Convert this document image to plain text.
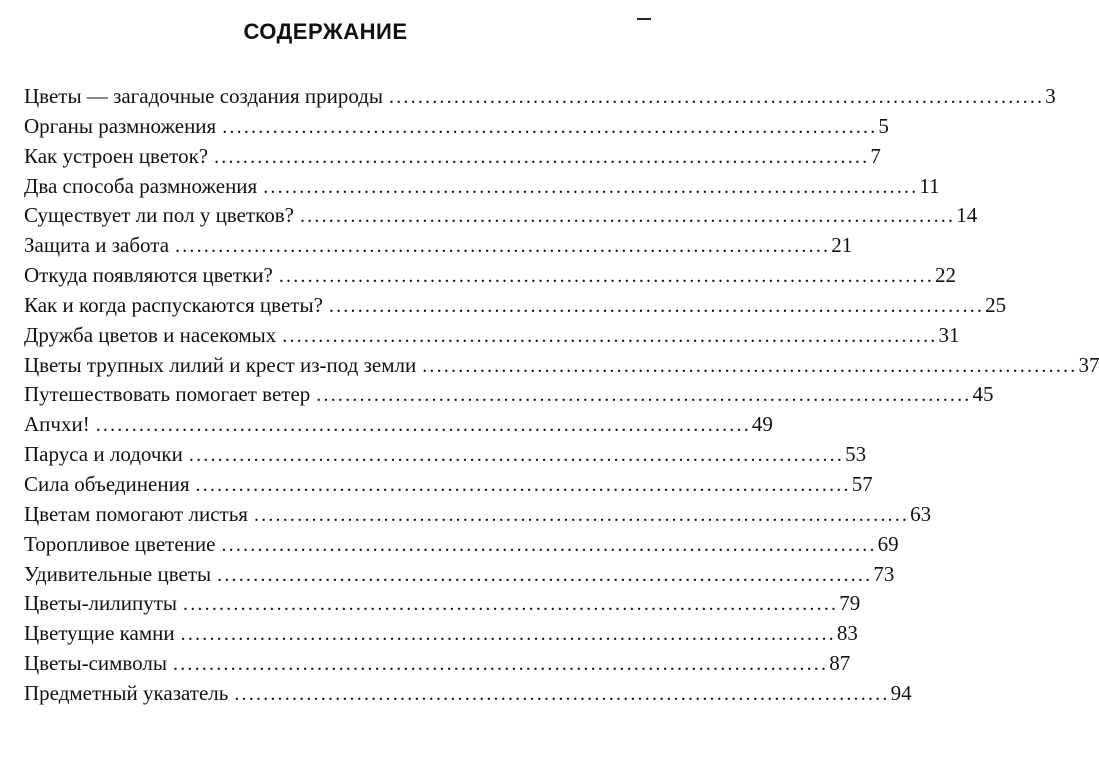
СОДЕРЖАНИЕ
Цветы — загадочные создания природы ........................................................................................... 3
Органы размножения ........................................................................................... 5
Как устроен цветок? ........................................................................................... 7
Два способа размножения ........................................................................................... 11
Существует ли пол у цветков? ........................................................................................... 14
Защита и забота ........................................................................................... 21
Откуда появляются цветки? ........................................................................................... 22
Как и когда распускаются цветы? ........................................................................................... 25
Дружба цветов и насекомых ........................................................................................... 31
Цветы трупных лилий и крест из-под земли ........................................................................................... 37
Путешествовать помогает ветер ........................................................................................... 45
Апчхи! ........................................................................................... 49
Паруса и лодочки ........................................................................................... 53
Сила объединения ........................................................................................... 57
Цветам помогают листья ........................................................................................... 63
Торопливое цветение ........................................................................................... 69
Удивительные цветы ........................................................................................... 73
Цветы-лилипуты ........................................................................................... 79
Цветущие камни ........................................................................................... 83
Цветы-символы ........................................................................................... 87
Предметный указатель ........................................................................................... 94
